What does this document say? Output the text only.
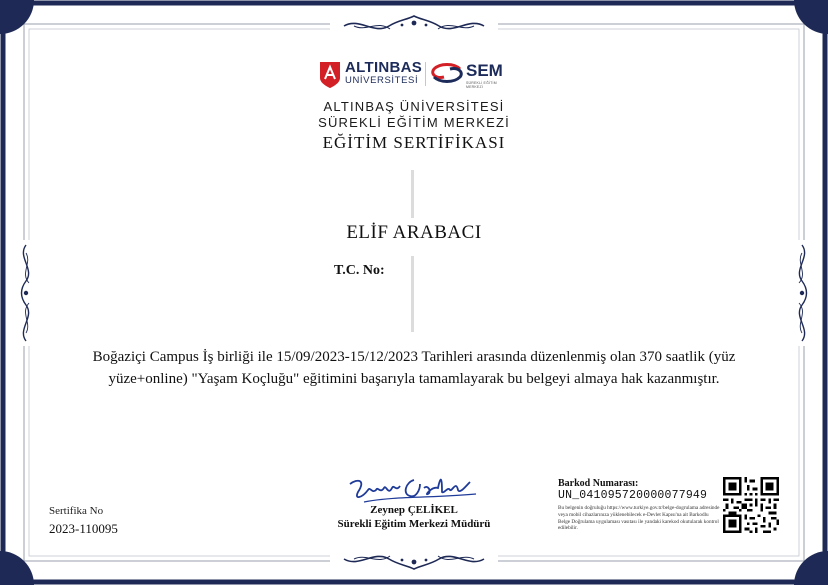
ALTINBAS
UNİVERSİTESİ
SEM
SÜREKLİ EĞİTİM MERKEZİ
ALTINBAŞ ÜNİVERSİTESİ
SÜREKLİ EĞİTİM MERKEZİ
EĞİTİM SERTİFİKASI
ELİF ARABACI
T.C. No:
Boğaziçi Campus İş birliği ile 15/09/2023-15/12/2023 Tarihleri arasında düzenlenmiş olan 370 saatlik (yüz yüze+online) "Yaşam Koçluğu" eğitimini başarıyla tamamlayarak bu belgeyi almaya hak kazanmıştır.
Sertifika No
2023-110095
Zeynep ÇELİKEL
Sürekli Eğitim Merkezi Müdürü
Barkod Numarası:
UN_041095720000077949
Bu belgenin doğruluğu https://www.turkiye.gov.tr/belge-dogrulama adresinde veya mobil cihazlarınıza yüklenebilecek e-Devlet Kapısı'na ait Barkodlu Belge Doğrulama uygulaması vasıtası ile yandaki karekod okutularak kontrol edilebilir.
